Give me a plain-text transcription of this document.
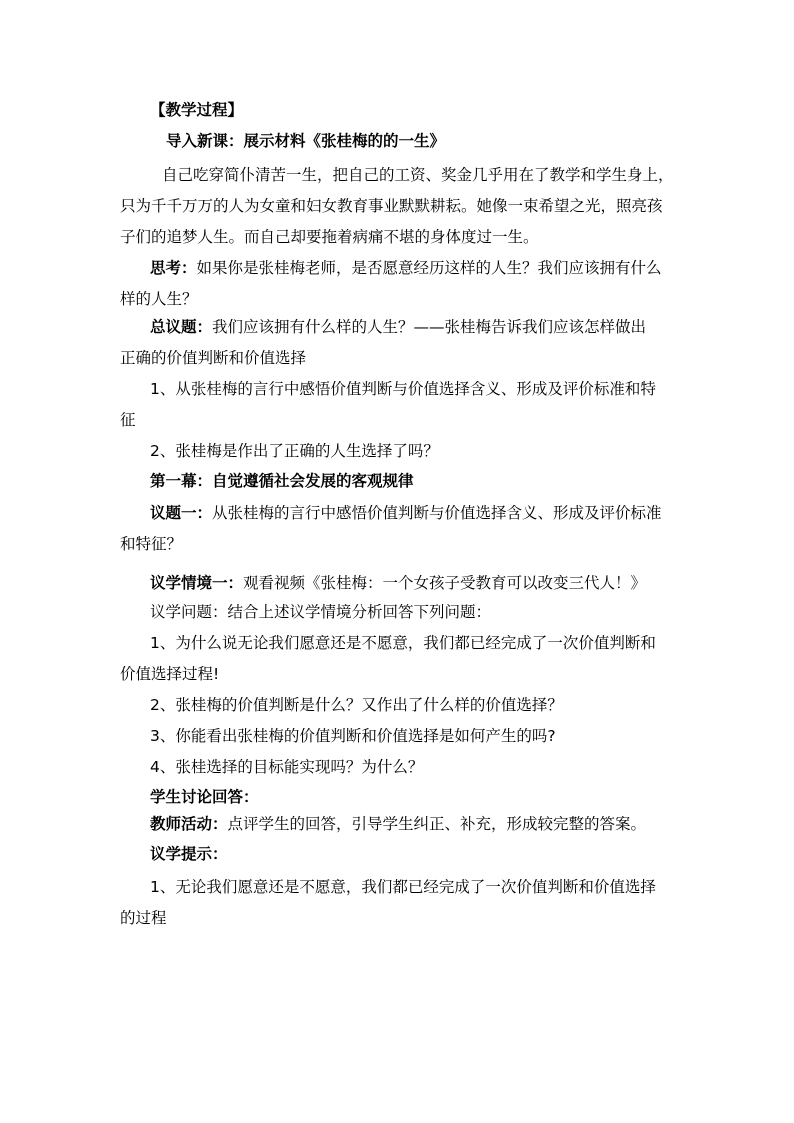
【教学过程】
导入新课：展示材料《张桂梅的的一生》
自己吃穿简仆清苦一生，把自己的工资、奖金几乎用在了教学和学生身上，
只为千千万万的人为女童和妇女教育事业默默耕耘。她像一束希望之光，照亮孩
子们的追梦人生。而自己却要拖着病痛不堪的身体度过一生。
思考：如果你是张桂梅老师，是否愿意经历这样的人生？我们应该拥有什么
样的人生？
总议题：我们应该拥有什么样的人生？——张桂梅告诉我们应该怎样做出
正确的价值判断和价值选择
1、从张桂梅的言行中感悟价值判断与价值选择含义、形成及评价标准和特
征
2、张桂梅是作出了正确的人生选择了吗？
第一幕：自觉遵循社会发展的客观规律
议题一：从张桂梅的言行中感悟价值判断与价值选择含义、形成及评价标准
和特征？
议学情境一：观看视频《张桂梅：一个女孩子受教育可以改变三代人！》
议学问题：结合上述议学情境分析回答下列问题：
1、为什么说无论我们愿意还是不愿意，我们都已经完成了一次价值判断和
价值选择过程!
2、张桂梅的价值判断是什么？又作出了什么样的价值选择？
3、你能看出张桂梅的价值判断和价值选择是如何产生的吗?
4、张桂选择的目标能实现吗？为什么？
学生讨论回答：
教师活动：点评学生的回答，引导学生纠正、补充，形成较完整的答案。
议学提示：
1、无论我们愿意还是不愿意，我们都已经完成了一次价值判断和价值选择
的过程
